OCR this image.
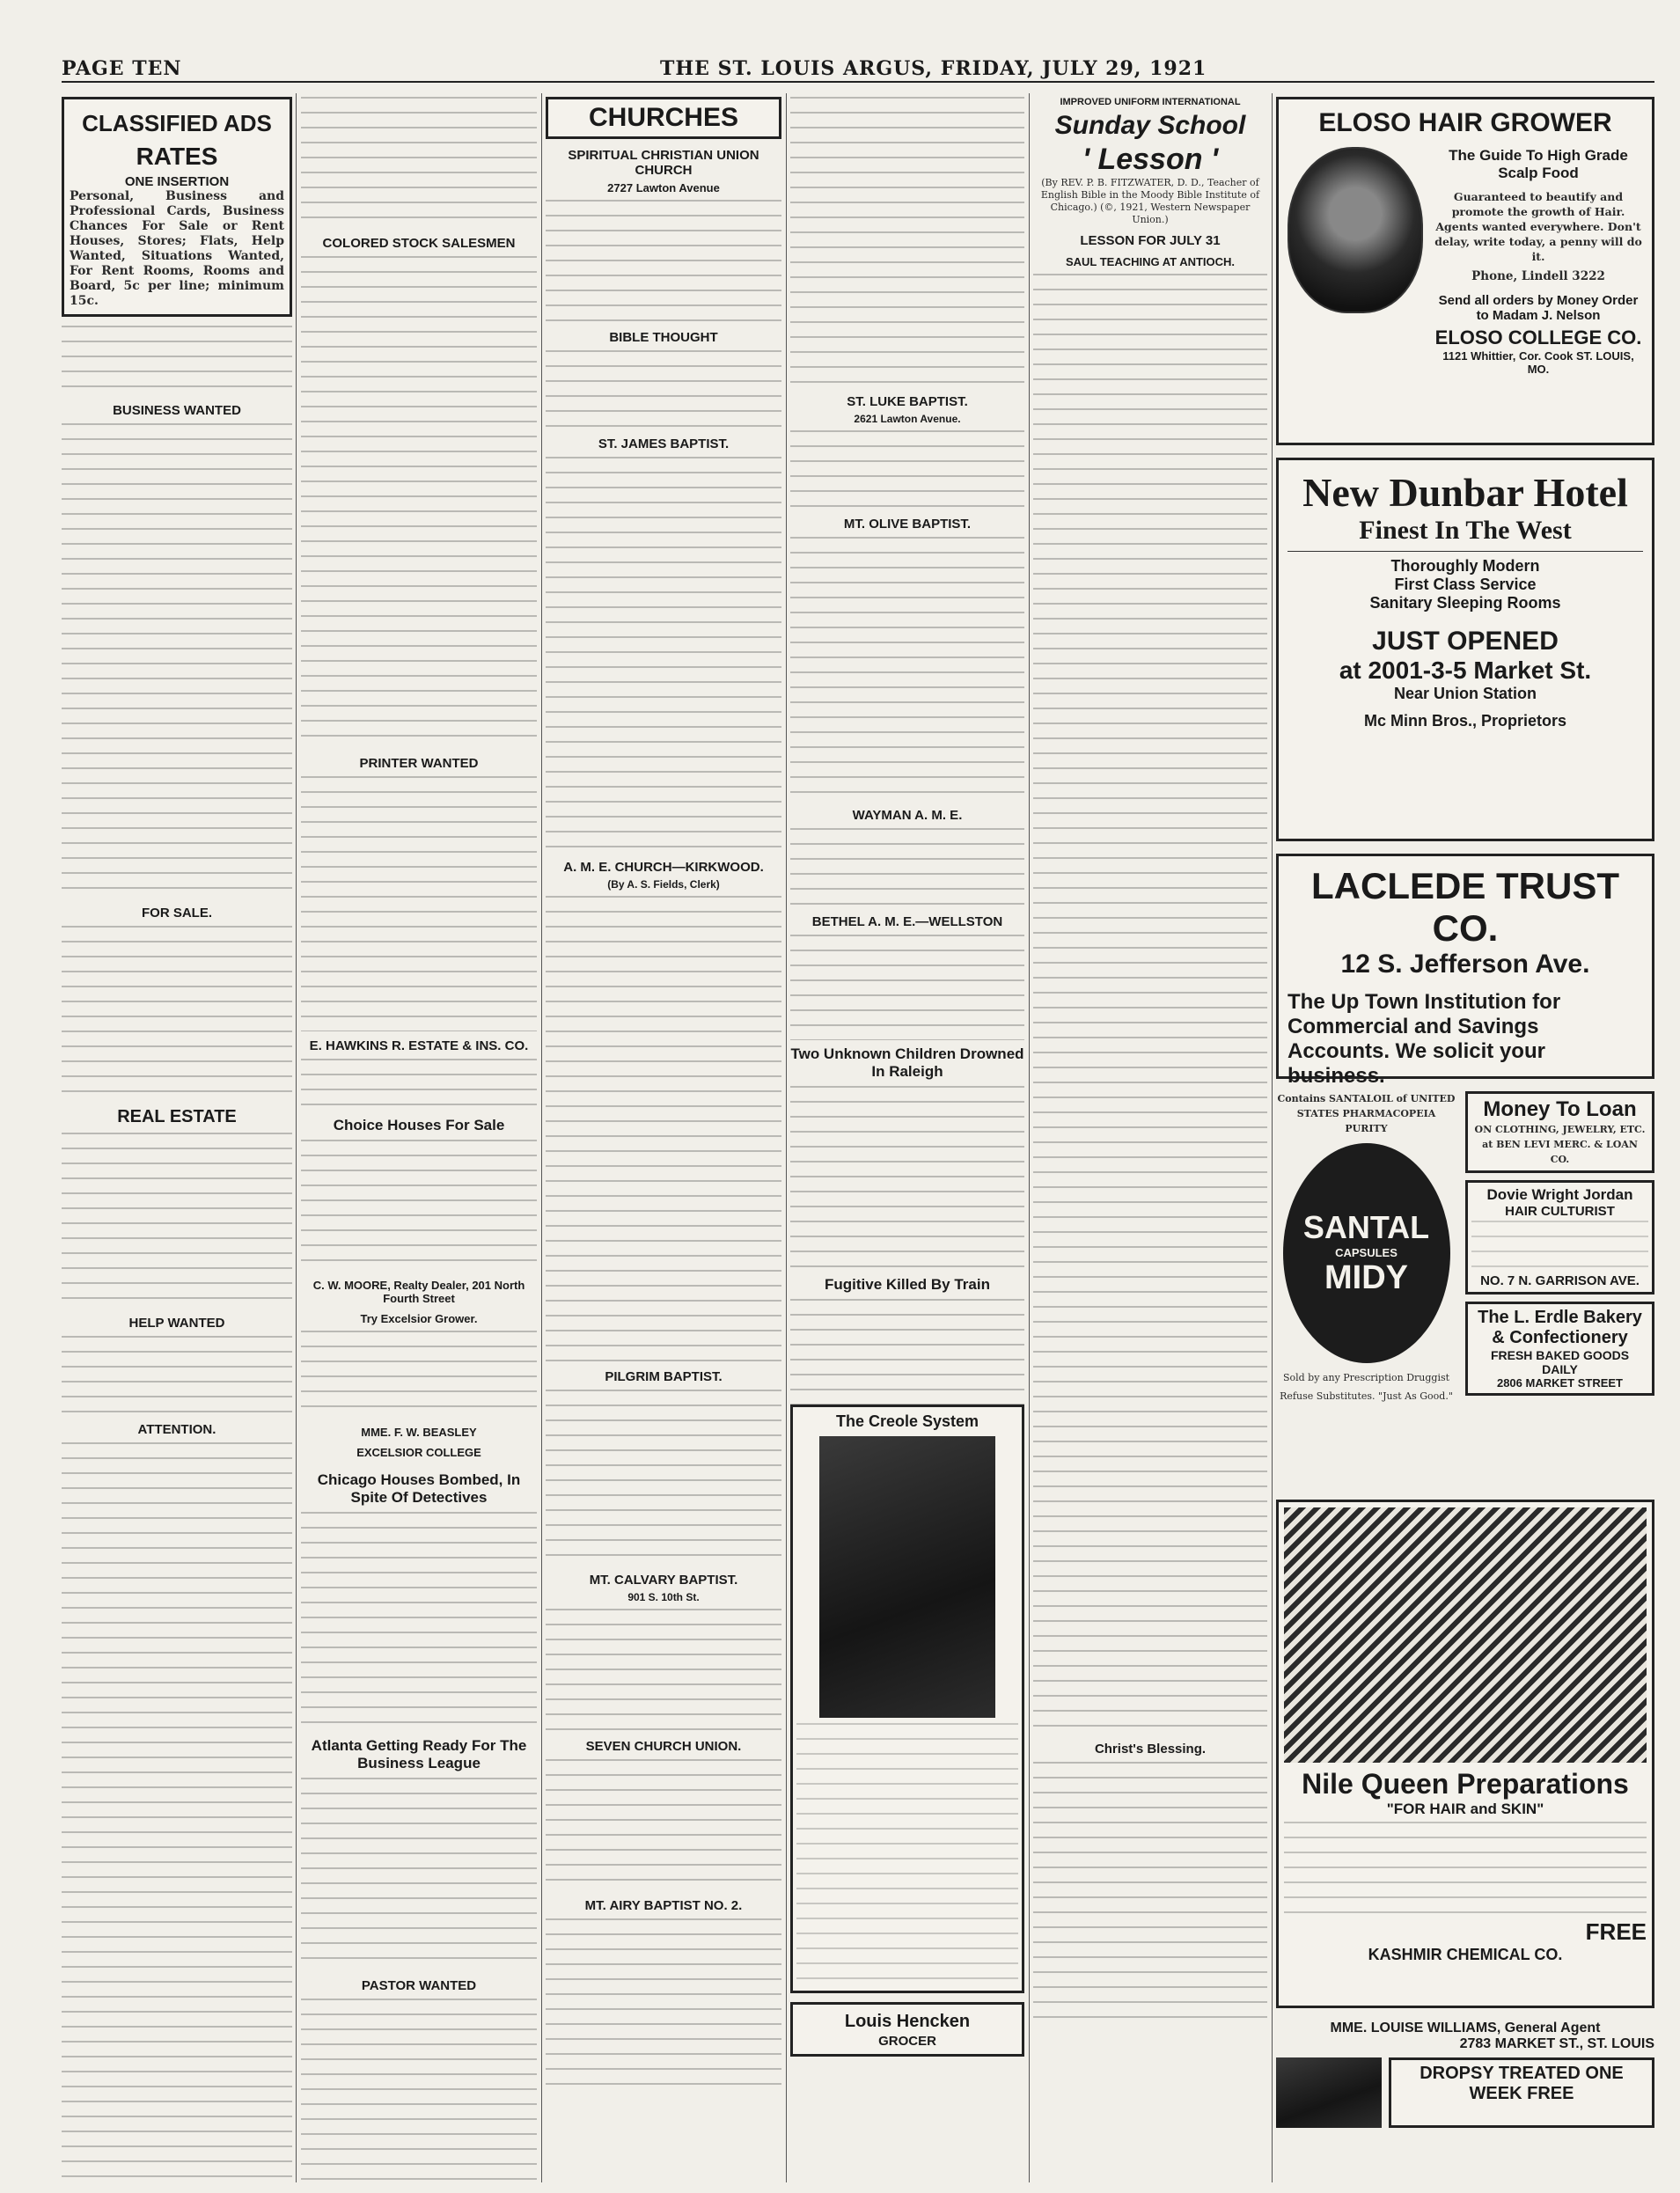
PAGE TEN	THE ST. LOUIS ARGUS, FRIDAY, JULY 29, 1921
CLASSIFIED ADS
RATES
ONE INSERTION
Personal, Business and Professional Cards, Business Chances For Sale or Rent Houses, Stores; Flats, Help Wanted, Situations Wanted, For Rent Rooms, Rooms and Board, 5c per line; minimum 15c.
BUSINESS WANTED
FOR SALE.
REAL ESTATE
HELP WANTED
ATTENTION.
COLORED STOCK SALESMEN
PRINTER WANTED
E. HAWKINS R. ESTATE & INS. CO.
Choice Houses For Sale
C. W. MOORE, Realty Dealer, 201 North Fourth Street
Try Excelsior Grower.
MME. F. W. BEASLEY
EXCELSIOR COLLEGE
Chicago Houses Bombed, In Spite Of Detectives
Atlanta Getting Ready For The Business League
PASTOR WANTED
CHURCHES
SPIRITUAL CHRISTIAN UNION CHURCH
2727 Lawton Avenue
BIBLE THOUGHT
ST. JAMES BAPTIST.
A. M. E. CHURCH—KIRKWOOD.
(By A. S. Fields, Clerk)
PILGRIM BAPTIST.
MT. CALVARY BAPTIST.
901 S. 10th St.
SEVEN CHURCH UNION.
MT. AIRY BAPTIST NO. 2.
ST. LUKE BAPTIST.
2621 Lawton Avenue.
MT. OLIVE BAPTIST.
WAYMAN A. M. E.
BETHEL A. M. E.—WELLSTON
Two Unknown Children Drowned In Raleigh
Fugitive Killed By Train
The Creole System
Louis Hencken
GROCER
IMPROVED UNIFORM INTERNATIONAL
Sunday School
' Lesson '
(By REV. P. B. FITZWATER, D. D., Teacher of English Bible in the Moody Bible Institute of Chicago.) (©, 1921, Western Newspaper Union.)
LESSON FOR JULY 31
SAUL TEACHING AT ANTIOCH.
Christ's Blessing.
ELOSO HAIR GROWER
The Guide To High Grade Scalp Food
Guaranteed to beautify and promote the growth of Hair. Agents wanted everywhere. Don't delay, write today, a penny will do it.
Phone, Lindell 3222
Send all orders by Money Order to Madam J. Nelson
ELOSO COLLEGE CO.
1121 Whittier, Cor. Cook ST. LOUIS, MO.
New Dunbar Hotel
Finest In The West
Thoroughly Modern
First Class Service
Sanitary Sleeping Rooms
JUST OPENED
at 2001-3-5 Market St.
Near Union Station
Mc Minn Bros., Proprietors
LACLEDE TRUST CO.
12 S. Jefferson Ave.
The Up Town Institution for Commercial and Savings Accounts. We solicit your business.
Contains SANTALOIL of UNITED STATES PHARMACOPEIA PURITY
SANTAL
CAPSULES
MIDY
Sold by any Prescription Druggist
Refuse Substitutes. "Just As Good."
Money To Loan
ON CLOTHING, JEWELRY, ETC. at BEN LEVI MERC. & LOAN CO.
Dovie Wright Jordan
HAIR CULTURIST
NO. 7 N. GARRISON AVE.
The L. Erdle Bakery & Confectionery
FRESH BAKED GOODS DAILY
2806 MARKET STREET
Nile Queen Preparations
"FOR HAIR and SKIN"
FREE
KASHMIR CHEMICAL CO.
MME. LOUISE WILLIAMS, General Agent
2783 MARKET ST., ST. LOUIS
DROPSY TREATED ONE WEEK FREE
